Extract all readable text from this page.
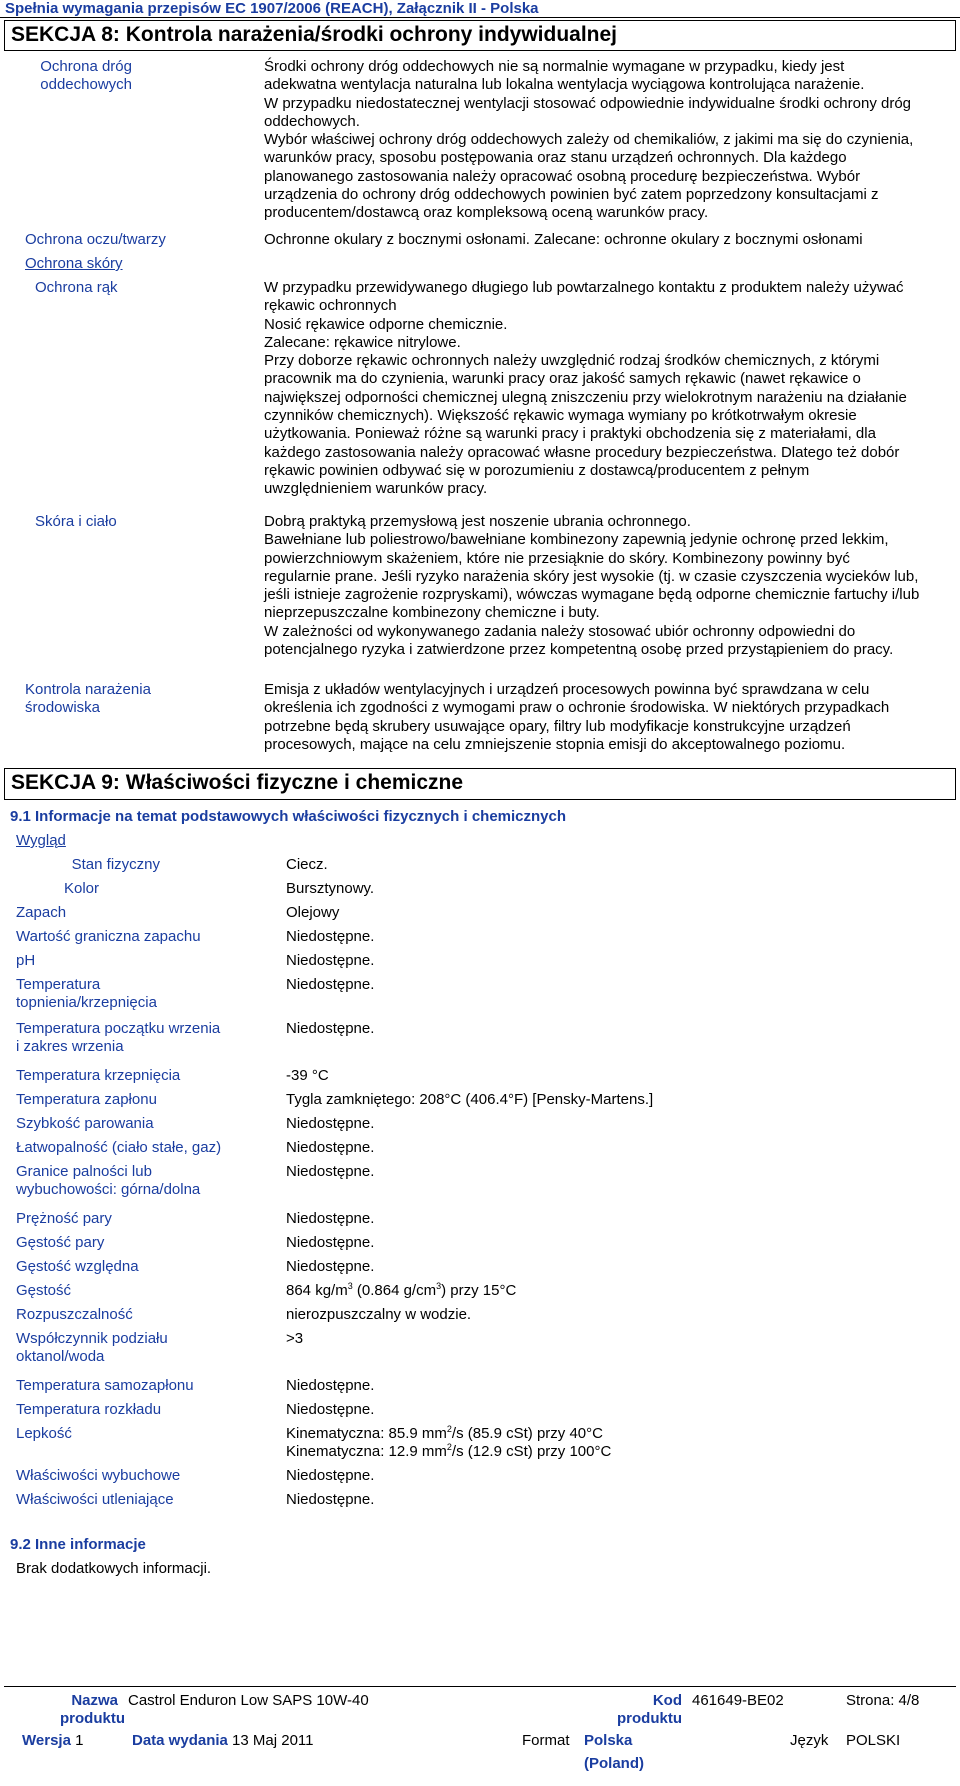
Spełnia wymagania przepisów EC 1907/2006 (REACH), Załącznik II - Polska
SEKCJA 8: Kontrola narażenia/środki ochrony indywidualnej
Ochrona dróg oddechowych
Środki ochrony dróg oddechowych nie są normalnie wymagane w przypadku, kiedy jest
adekwatna wentylacja naturalna lub lokalna wentylacja wyciągowa kontrolująca narażenie.
W przypadku niedostatecznej wentylacji stosować odpowiednie indywidualne środki ochrony dróg
oddechowych.
Wybór właściwej ochrony dróg oddechowych zależy od chemikaliów, z jakimi ma się do czynienia,
warunków pracy, sposobu postępowania oraz stanu urządzeń ochronnych. Dla każdego
planowanego zastosowania należy opracować osobną procedurę bezpieczeństwa. Wybór
urządzenia do ochrony dróg oddechowych powinien być zatem poprzedzony konsultacjami z
producentem/dostawcą oraz kompleksową oceną warunków pracy.
Ochrona oczu/twarzy	Ochronne okulary z bocznymi osłonami. Zalecane: ochronne okulary z bocznymi osłonami
Ochrona skóry
Ochrona rąk	W przypadku przewidywanego długiego lub powtarzalnego kontaktu z produktem należy używać
rękawic ochronnych
Nosić rękawice odporne chemicznie.
Zalecane: rękawice nitrylowe.
Przy doborze rękawic ochronnych należy uwzględnić rodzaj środków chemicznych, z którymi
pracownik ma do czynienia, warunki pracy oraz jakość samych rękawic (nawet rękawice o
największej odporności chemicznej ulegną zniszczeniu przy wielokrotnym narażeniu na działanie
czynników chemicznych). Większość rękawic wymaga wymiany po krótkotrwałym okresie
użytkowania. Ponieważ różne są warunki pracy i praktyki obchodzenia się z materiałami, dla
każdego zastosowania należy opracować własne procedury bezpieczeństwa. Dlatego też dobór
rękawic powinien odbywać się w porozumieniu z dostawcą/producentem z pełnym
uwzględnieniem warunków pracy.
Skóra i ciało	Dobrą praktyką przemysłową jest noszenie ubrania ochronnego.
Bawełniane lub poliestrowo/bawełniane kombinezony zapewnią jedynie ochronę przed lekkim,
powierzchniowym skażeniem, które nie przesiąknie do skóry. Kombinezony powinny być
regularnie prane. Jeśli ryzyko narażenia skóry jest wysokie (tj. w czasie czyszczenia wycieków lub,
jeśli istnieje zagrożenie rozpryskami), wówczas wymagane będą odporne chemicznie fartuchy i/lub
nieprzepuszczalne kombinezony chemiczne i buty.
W zależności od wykonywanego zadania należy stosować ubiór ochronny odpowiedni do
potencjalnego ryzyka i zatwierdzone przez kompetentną osobę przed przystąpieniem do pracy.
Kontrola narażenia środowiska
Emisja z układów wentylacyjnych i urządzeń procesowych powinna być sprawdzana w celu
określenia ich zgodności z wymogami praw o ochronie środowiska. W niektórych przypadkach
potrzebne będą skrubery usuwające opary, filtry lub modyfikacje konstrukcyjne urządzeń
procesowych, mające na celu zmniejszenie stopnia emisji do akceptowalnego poziomu.
SEKCJA 9: Właściwości fizyczne i chemiczne
9.1 Informacje na temat podstawowych właściwości fizycznych i chemicznych
Wygląd
Stan fizyczny	Ciecz.
Kolor	Bursztynowy.
Zapach	Olejowy
Wartość graniczna zapachu	Niedostępne.
pH	Niedostępne.
Temperatura
topnienia/krzepnięcia
Niedostępne.
Temperatura początku wrzenia
i zakres wrzenia
Niedostępne.
Temperatura krzepnięcia	-39 °C
Temperatura zapłonu	Tygla zamkniętego: 208°C (406.4°F) [Pensky-Martens.]
Szybkość parowania	Niedostępne.
Łatwopalność (ciało stałe, gaz)	Niedostępne.
Granice palności lub
wybuchowości: górna/dolna
Niedostępne.
Prężność pary	Niedostępne.
Gęstość pary	Niedostępne.
Gęstość względna	Niedostępne.
Gęstość	864 $kg/m^3$ (0.864 $g/cm^3$) przy 15°C
Rozpuszczalność	nierozpuszczalny w wodzie.
Współczynnik podziału
oktanol/woda
>3
Temperatura samozapłonu	Niedostępne.
Temperatura rozkładu	Niedostępne.
Lepkość	Kinematyczna: 85.9 $mm^2/s$ (85.9 cSt) przy 40°C
Kinematyczna: 12.9 $mm^2/s$ (12.9 cSt) przy 100°C
Właściwości wybuchowe	Niedostępne.
Właściwości utleniające	Niedostępne.
9.2 Inne informacje
Brak dodatkowych informacji.
Nazwa
produktu
Castrol Enduron Low SAPS 10W-40	Kod
produktu
461649-BE02	Strona: 4/8
Wersja 1	Data wydania 13 Maj 2011	Format Polska
(Poland)
Język POLSKI
